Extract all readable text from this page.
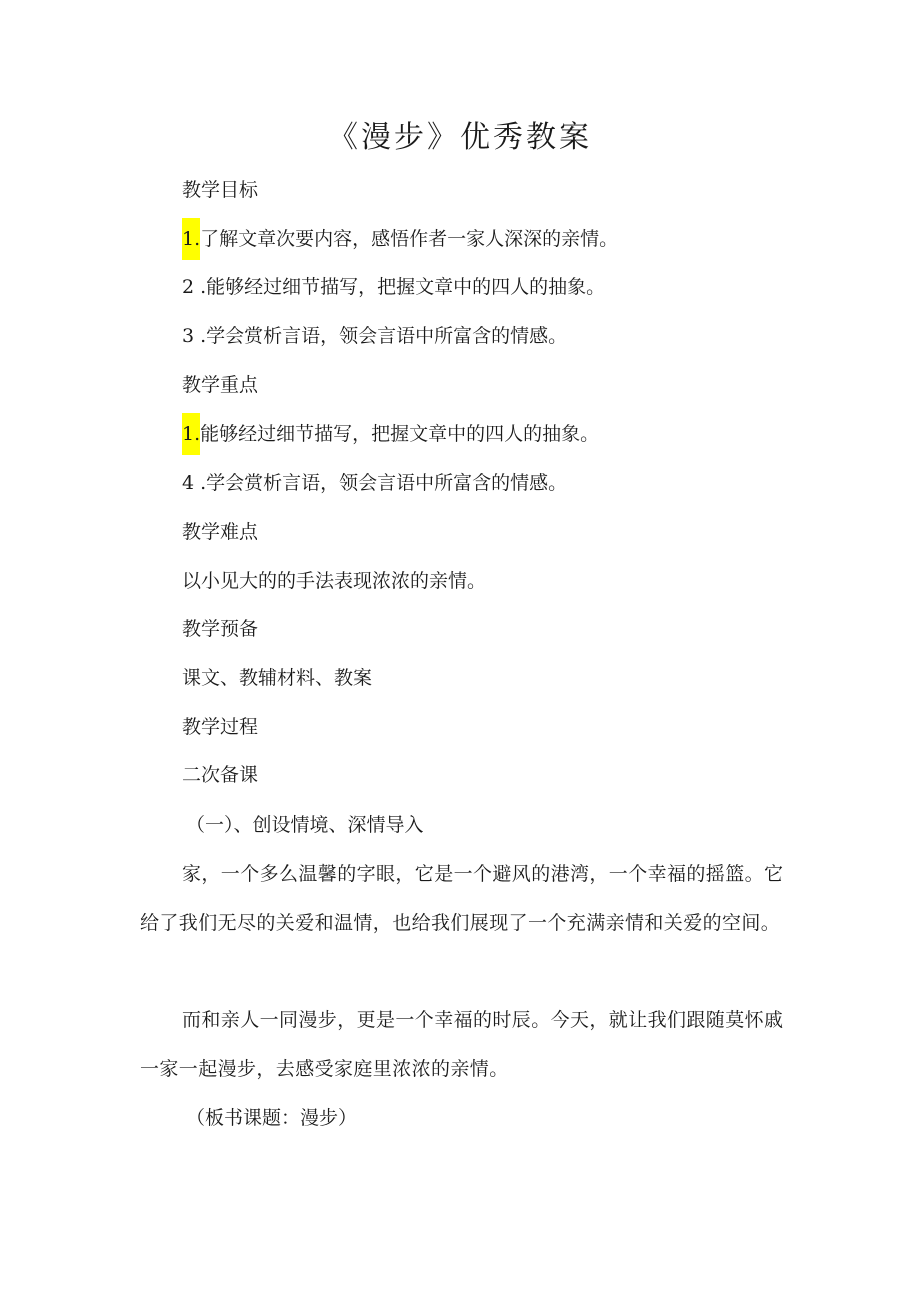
《漫步》优秀教案
教学目标
1.了解文章次要内容，感悟作者一家人深深的亲情。
2 .能够经过细节描写，把握文章中的四人的抽象。
3 .学会赏析言语，领会言语中所富含的情感。
教学重点
1.能够经过细节描写，把握文章中的四人的抽象。
4 .学会赏析言语，领会言语中所富含的情感。
教学难点
以小见大的的手法表现浓浓的亲情。
教学预备
课文、教辅材料、教案
教学过程
二次备课
（一）、创设情境、深情导入
家，一个多么温馨的字眼，它是一个避风的港湾，一个幸福的摇篮。它给了我们无尽的关爱和温情，也给我们展现了一个充满亲情和关爱的空间。
而和亲人一同漫步，更是一个幸福的时辰。今天，就让我们跟随莫怀戚一家一起漫步，去感受家庭里浓浓的亲情。
（板书课题：漫步）
